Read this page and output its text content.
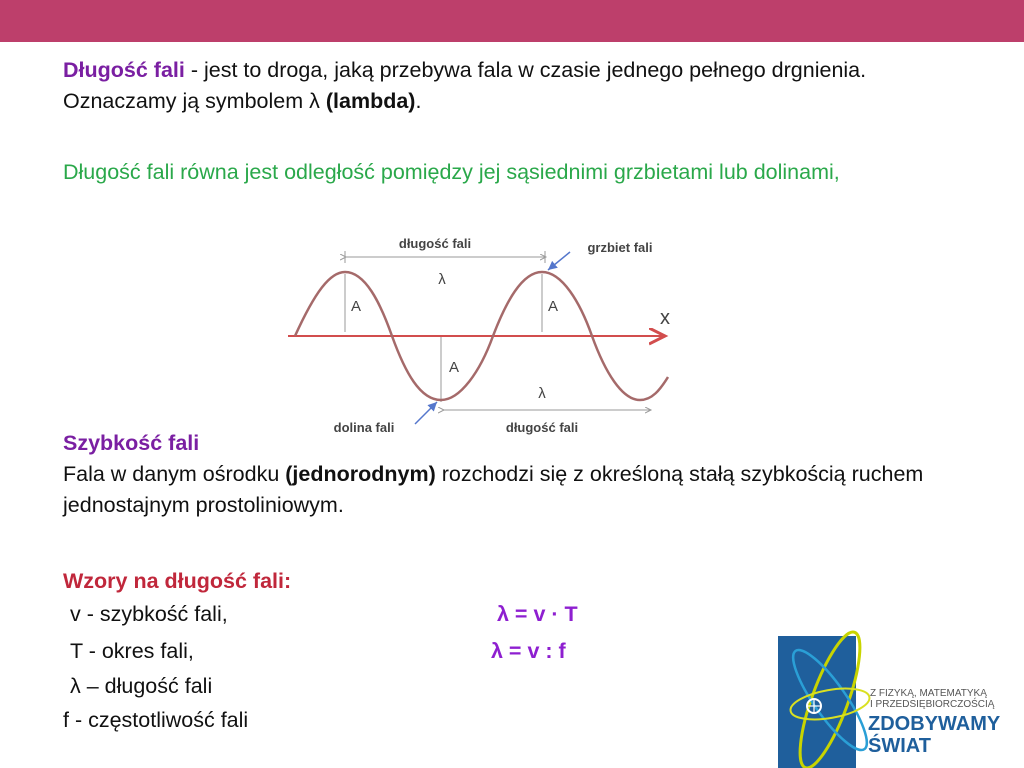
Długość fali - jest to droga, jaką przebywa fala w czasie jednego pełnego drgnienia. Oznaczamy ją symbolem λ (lambda).
Długość fali równa jest odległość pomiędzy jej sąsiednimi grzbietami lub dolinami,
długość fali	grzbiet fali
λ
A	A
A
x
λ
dolina fali	długość fali
Szybkość fali
Fala w danym ośrodku (jednorodnym) rozchodzi się z określoną stałą szybkością ruchem jednostajnym prostoliniowym.
Wzory na długość fali:
v - szybkość fali,	λ = v · T
T - okres fali,	λ = v : f
λ – długość fali
f - częstotliwość fali
Z FIZYKĄ, MATEMATYKĄ
I PRZEDSIĘBIORCZOŚCIĄ
ZDOBYWAMY
ŚWIAT
